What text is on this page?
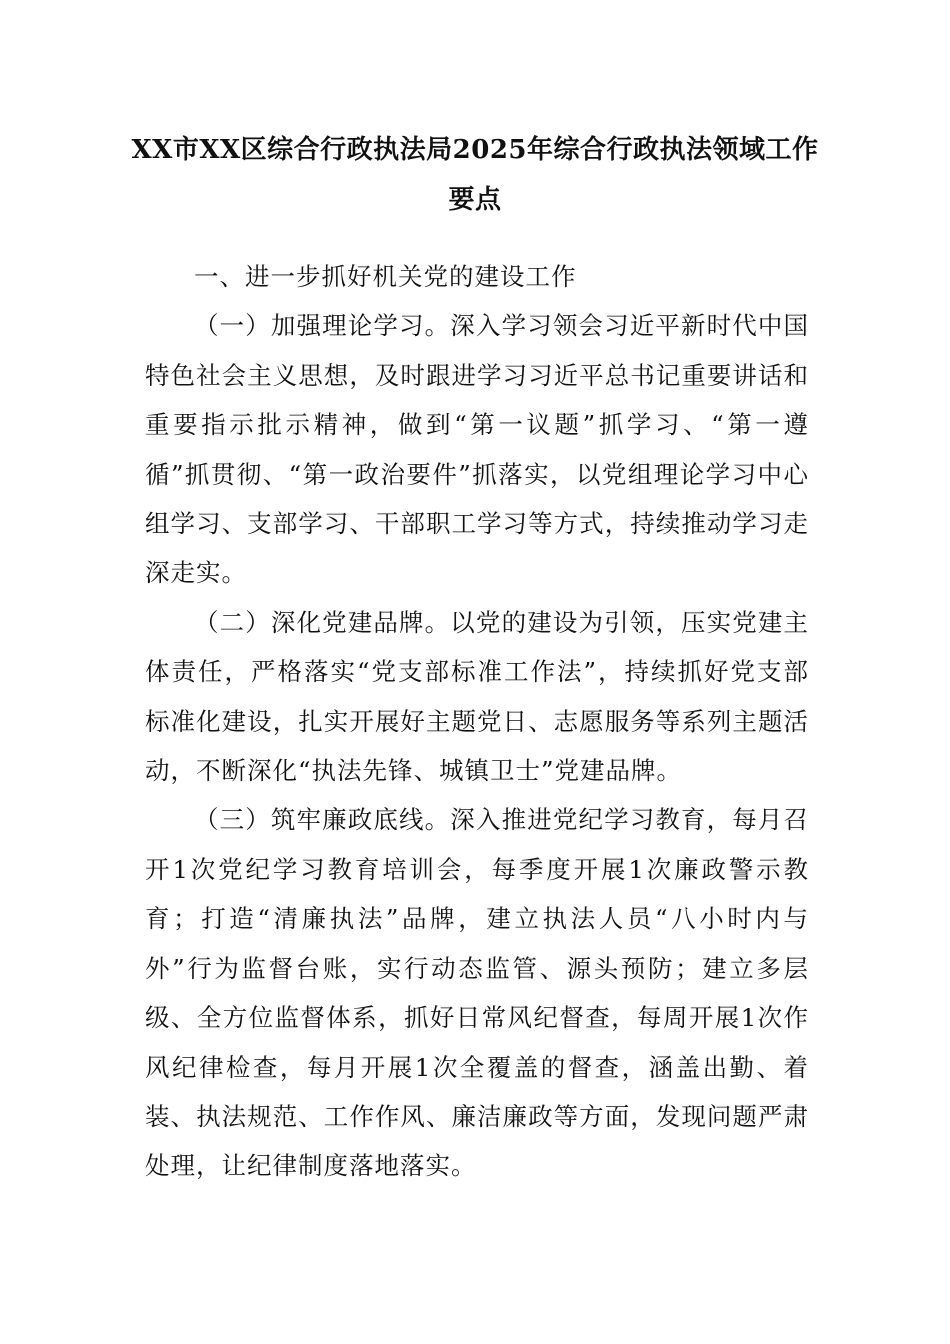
XX市XX区综合行政执法局2025年综合行政执法领域工作
要点

一、进一步抓好机关党的建设工作

（一）加强理论学习。深入学习领会习近平新时代中国特色社会主义思想，及时跟进学习习近平总书记重要讲话和重要指示批示精神，做到“第一议题”抓学习、“第一遵循”抓贯彻、“第一政治要件”抓落实，以党组理论学习中心组学习、支部学习、干部职工学习等方式，持续推动学习走深走实。

（二）深化党建品牌。以党的建设为引领，压实党建主体责任，严格落实“党支部标准工作法”，持续抓好党支部标准化建设，扎实开展好主题党日、志愿服务等系列主题活动，不断深化“执法先锋、城镇卫士”党建品牌。

（三）筑牢廉政底线。深入推进党纪学习教育，每月召开1次党纪学习教育培训会，每季度开展1次廉政警示教育；打造“清廉执法”品牌，建立执法人员“八小时内与外”行为监督台账，实行动态监管、源头预防；建立多层级、全方位监督体系，抓好日常风纪督查，每周开展1次作风纪律检查，每月开展1次全覆盖的督查，涵盖出勤、着装、执法规范、工作作风、廉洁廉政等方面，发现问题严肃处理，让纪律制度落地落实。
